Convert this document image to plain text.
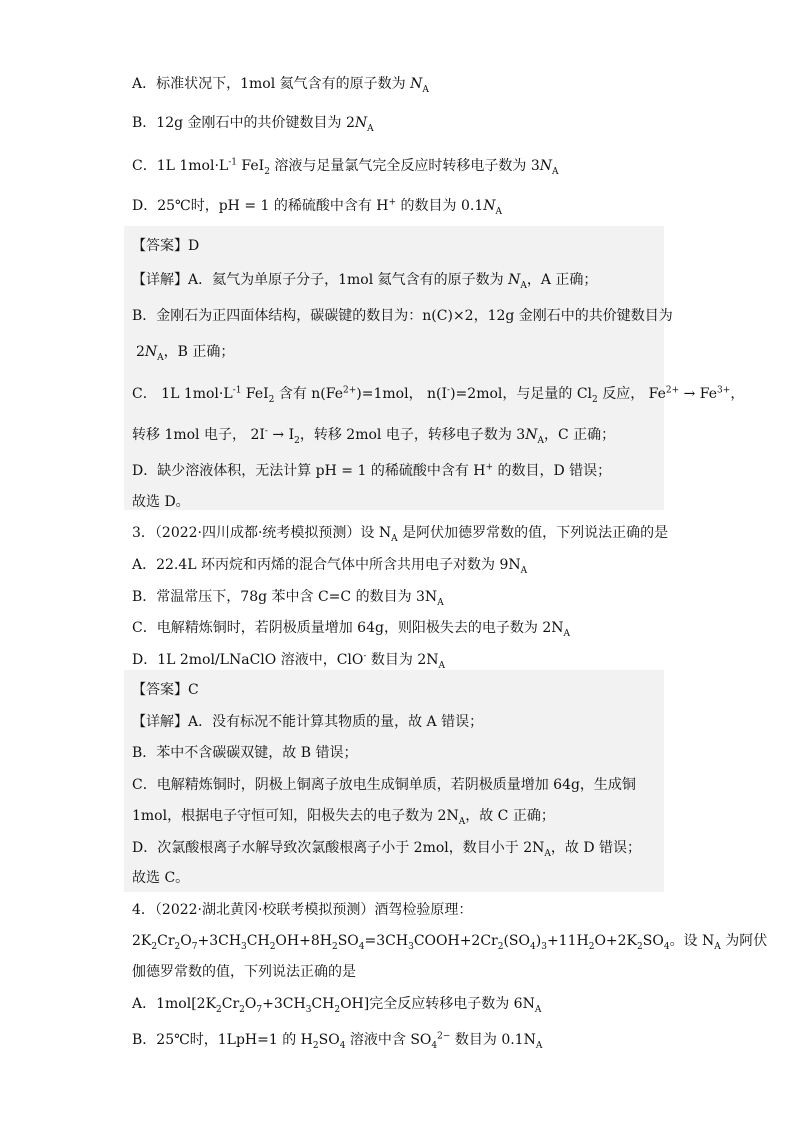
A．标准状况下，1mol 氦气含有的原子数为 $N_A$
B．12g 金刚石中的共价键数目为 $2N_A$
C．1L $1mol\cdot L^{-1}$ FeI$_2$ 溶液与足量氯气完全反应时转移电子数为 $3N_A$
D．25℃时，pH = 1 的稀硫酸中含有 H+ 的数目为 $0.1N_A$
【答案】D
【详解】A．氦气为单原子分子，1mol 氦气含有的原子数为 $N_A$，A 正确；
B．金刚石为正四面体结构，碳碳键的数目为：n(C)×2，12g 金刚石中的共价键数目为
$2N_A$，B 正确；
C． 1L $1mol\cdot L^{-1}$ FeI$_2$ 含有 $n(Fe^{2+})=1mol$， n(I-)=2mol，与足量的 $Cl_2$ 反应， $Fe^{2+} \to Fe^{3+}$，
转移 1mol 电子， $2I^- \to I_2$，转移 2mol 电子，转移电子数为 $3N_A$，C 正确；
D．缺少溶液体积，无法计算 pH = 1 的稀硫酸中含有 H+ 的数目，D 错误；
故选 D。
3．（2022·四川成都·统考模拟预测）设 $N_A$ 是阿伏加德罗常数的值，下列说法正确的是
A．22.4L 环丙烷和丙烯的混合气体中所含共用电子对数为 $9N_A$
B．常温常压下，78g 苯中含 C=C 的数目为 $3N_A$
C．电解精炼铜时，若阴极质量增加 64g，则阳极失去的电子数为 $2N_A$
D．1L 2mol/LNaClO 溶液中，ClO- 数目为 $2N_A$
【答案】C
【详解】A．没有标况不能计算其物质的量，故 A 错误；
B．苯中不含碳碳双键，故 B 错误；
C．电解精炼铜时，阴极上铜离子放电生成铜单质，若阴极质量增加 64g，生成铜
1mol，根据电子守恒可知，阳极失去的电子数为 $2N_A$，故 C 正确；
D．次氯酸根离子水解导致次氯酸根离子小于 2mol，数目小于 $2N_A$，故 D 错误；
故选 C。
4．（2022·湖北黄冈·校联考模拟预测）酒驾检验原理：
$2K_2Cr_2O_7+3CH_3CH_2OH+8H_2SO_4=3CH_3COOH+2Cr_2(SO_4)_3+11H_2O+2K_2SO_4$。设 $N_A$ 为阿伏
伽德罗常数的值，下列说法正确的是
A．$1mol[2K_2Cr_2O_7+3CH_3CH_2OH]$完全反应转移电子数为 $6N_A$
B．25℃时，1LpH=1 的 $H_2SO_4$ 溶液中含 $SO_4^{2-}$ 数目为 $0.1N_A$
